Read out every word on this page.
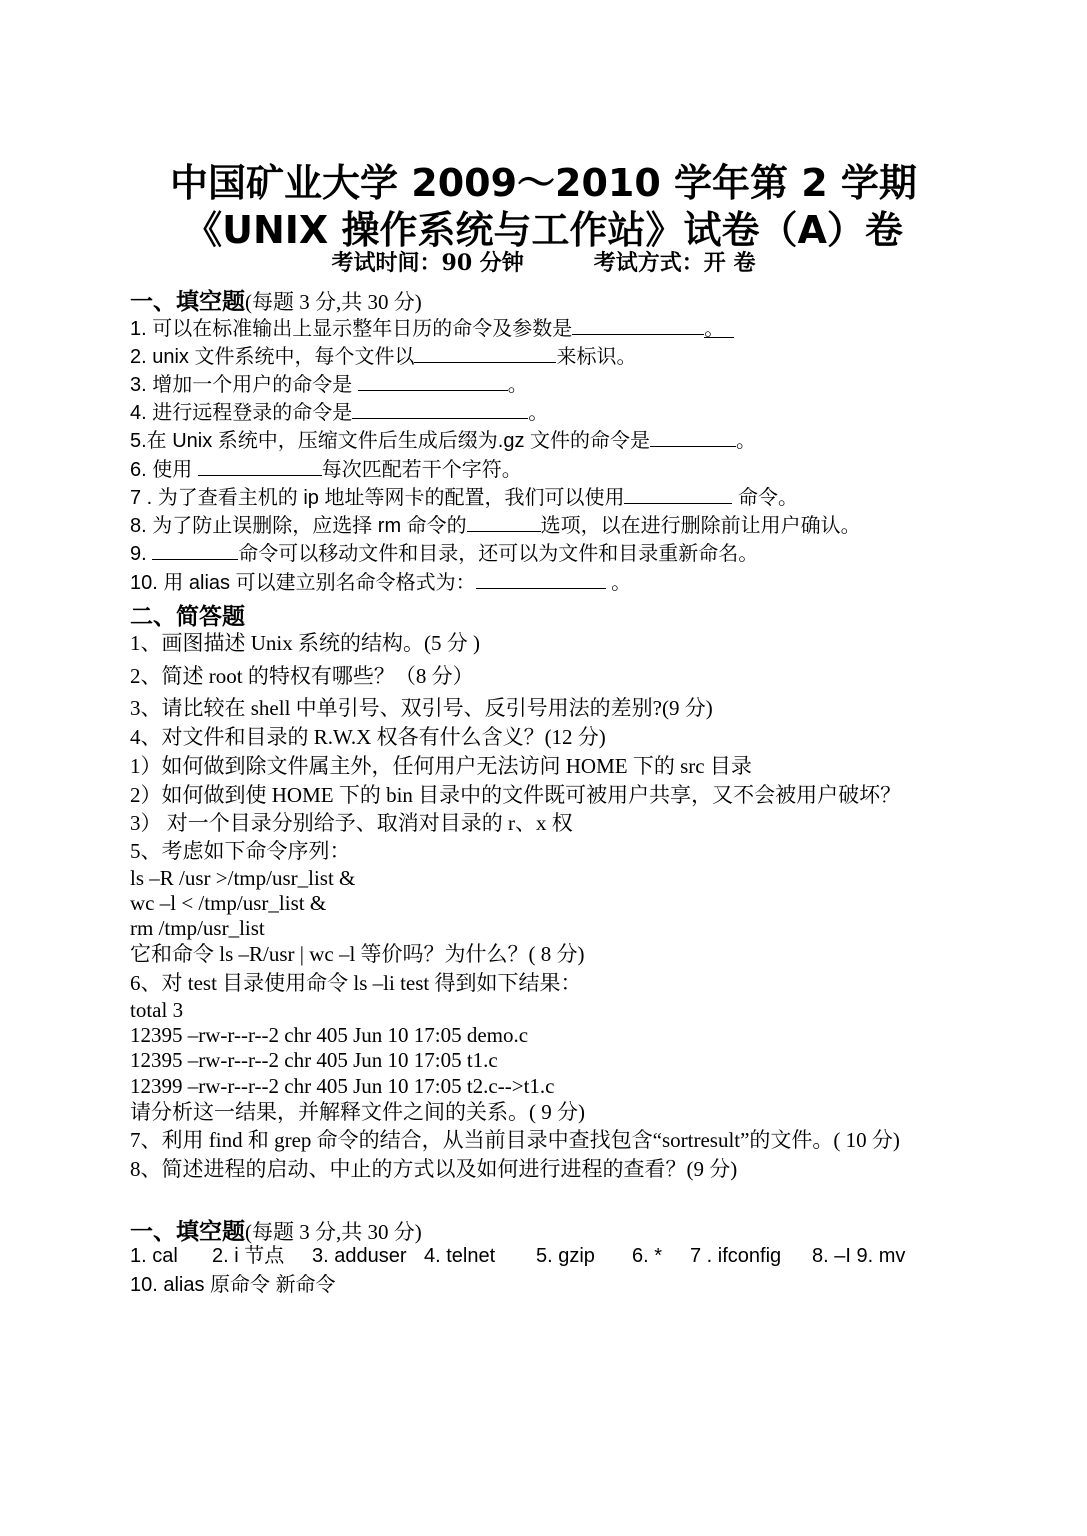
中国矿业大学 2009～2010 学年第 2 学期
《UNIX 操作系统与工作站》试卷（A）卷
考试时间：90 分钟	考试方式：开 卷
一、填空题(每题 3 分,共 30 分)
1. 可以在标准输出上显示整年日历的命令及参数是	。
2. unix 文件系统中，每个文件以	来标识。
3. 增加一个用户的命令是	。
4. 进行远程登录的命令是	。
5.在 Unix 系统中，压缩文件后生成后缀为.gz 文件的命令是	。
6. 使用	每次匹配若干个字符。
7 . 为了查看主机的 ip 地址等网卡的配置，我们可以使用	命令。
8. 为了防止误删除，应选择 rm 命令的	选项，以在进行删除前让用户确认。
9.	命令可以移动文件和目录，还可以为文件和目录重新命名。
10. 用 alias 可以建立别名命令格式为：	。
二、简答题
1、画图描述 Unix 系统的结构。(5 分 )
2、简述 root 的特权有哪些？（8 分）
3、请比较在 shell 中单引号、双引号、反引号用法的差别?(9 分)
4、对文件和目录的 R.W.X 权各有什么含义？(12 分)
1）如何做到除文件属主外，任何用户无法访问 HOME 下的 src 目录
2）如何做到使 HOME 下的 bin 目录中的文件既可被用户共享，又不会被用户破坏？
3） 对一个目录分别给予、取消对目录的 r、x 权
5、考虑如下命令序列：
ls –R /usr >/tmp/usr_list &
wc –l < /tmp/usr_list &
rm /tmp/usr_list
它和命令 ls –R/usr | wc –l 等价吗？为什么？( 8 分)
6、对 test 目录使用命令 ls –li test 得到如下结果：
total 3
12395 –rw-r--r--2 chr 405 Jun 10 17:05 demo.c
12395 –rw-r--r--2 chr 405 Jun 10 17:05 t1.c
12399 –rw-r--r--2 chr 405 Jun 10 17:05 t2.c-->t1.c
请分析这一结果，并解释文件之间的关系。( 9 分)
7、利用 find 和 grep 命令的结合，从当前目录中查找包含“sortresult”的文件。( 10 分)
8、简述进程的启动、中止的方式以及如何进行进程的查看？(9 分)
一、填空题(每题 3 分,共 30 分)
1. cal 2. i 节点 3. adduser 4. telnet 5. gzip 6. * 7 . ifconfig 8. –I 9. mv
10. alias 原命令 新命令
